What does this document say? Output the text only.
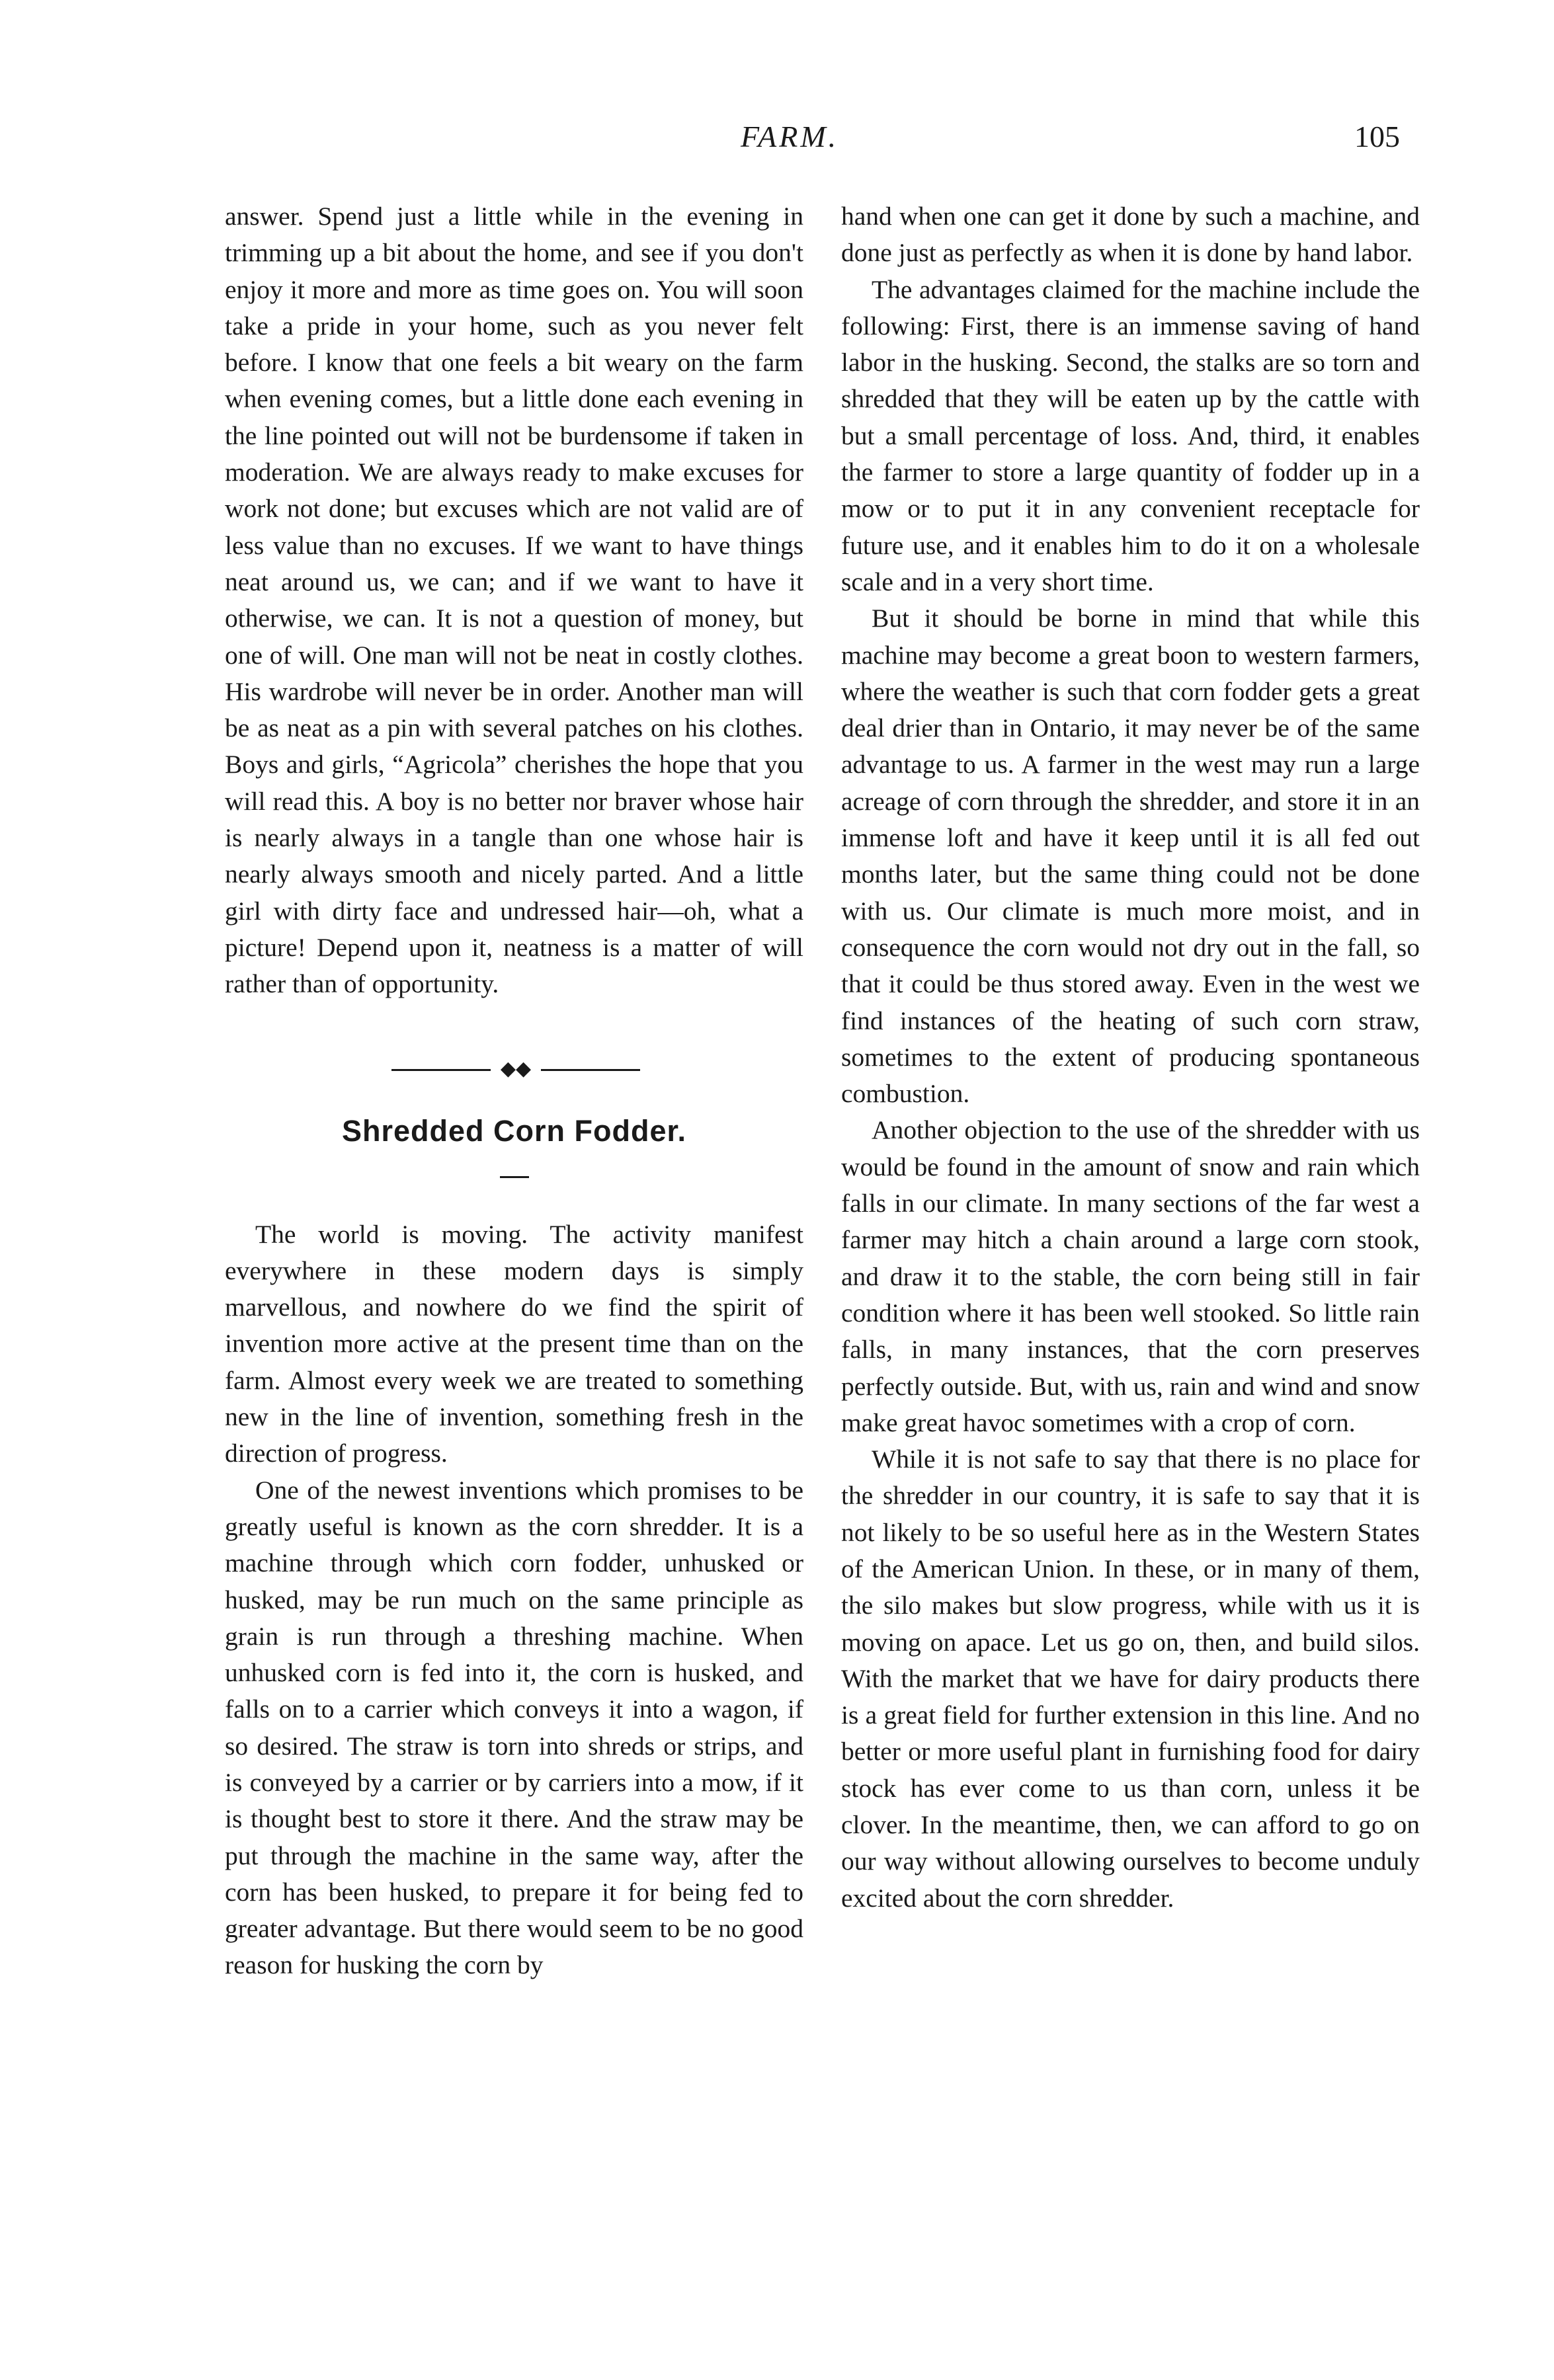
FARM.	105

answer. Spend just a little while in the evening in trimming up a bit about the home, and see if you don't enjoy it more and more as time goes on. You will soon take a pride in your home, such as you never felt before. I know that one feels a bit weary on the farm when evening comes, but a little done each evening in the line pointed out will not be burdensome if taken in moderation. We are always ready to make excuses for work not done; but excuses which are not valid are of less value than no excuses. If we want to have things neat around us, we can; and if we want to have it otherwise, we can. It is not a question of money, but one of will. One man will not be neat in costly clothes. His wardrobe will never be in order. Another man will be as neat as a pin with several patches on his clothes. Boys and girls, “Agricola” cherishes the hope that you will read this. A boy is no better nor braver whose hair is nearly always in a tangle than one whose hair is nearly always smooth and nicely parted. And a little girl with dirty face and undressed hair—oh, what a picture! Depend upon it, neatness is a matter of will rather than of opportunity.

◆◆
Shredded Corn Fodder.

The world is moving. The activity manifest everywhere in these modern days is simply marvellous, and nowhere do we find the spirit of invention more active at the present time than on the farm. Almost every week we are treated to something new in the line of invention, something fresh in the direction of progress.

One of the newest inventions which promises to be greatly useful is known as the corn shredder. It is a machine through which corn fodder, unhusked or husked, may be run much on the same principle as grain is run through a threshing machine. When unhusked corn is fed into it, the corn is husked, and falls on to a carrier which conveys it into a wagon, if so desired. The straw is torn into shreds or strips, and is conveyed by a carrier or by carriers into a mow, if it is thought best to store it there. And the straw may be put through the machine in the same way, after the corn has been husked, to prepare it for being fed to greater advantage. But there would seem to be no good reason for husking the corn by

hand when one can get it done by such a machine, and done just as perfectly as when it is done by hand labor.

The advantages claimed for the machine include the following: First, there is an immense saving of hand labor in the husking. Second, the stalks are so torn and shredded that they will be eaten up by the cattle with but a small percentage of loss. And, third, it enables the farmer to store a large quantity of fodder up in a mow or to put it in any convenient receptacle for future use, and it enables him to do it on a wholesale scale and in a very short time.

But it should be borne in mind that while this machine may become a great boon to western farmers, where the weather is such that corn fodder gets a great deal drier than in Ontario, it may never be of the same advantage to us. A farmer in the west may run a large acreage of corn through the shredder, and store it in an immense loft and have it keep until it is all fed out months later, but the same thing could not be done with us. Our climate is much more moist, and in consequence the corn would not dry out in the fall, so that it could be thus stored away. Even in the west we find instances of the heating of such corn straw, sometimes to the extent of producing spontaneous combustion.

Another objection to the use of the shredder with us would be found in the amount of snow and rain which falls in our climate. In many sections of the far west a farmer may hitch a chain around a large corn stook, and draw it to the stable, the corn being still in fair condition where it has been well stooked. So little rain falls, in many instances, that the corn preserves perfectly outside. But, with us, rain and wind and snow make great havoc sometimes with a crop of corn.

While it is not safe to say that there is no place for the shredder in our country, it is safe to say that it is not likely to be so useful here as in the Western States of the American Union. In these, or in many of them, the silo makes but slow progress, while with us it is moving on apace. Let us go on, then, and build silos. With the market that we have for dairy products there is a great field for further extension in this line. And no better or more useful plant in furnishing food for dairy stock has ever come to us than corn, unless it be clover. In the meantime, then, we can afford to go on our way without allowing ourselves to become unduly excited about the corn shredder.
